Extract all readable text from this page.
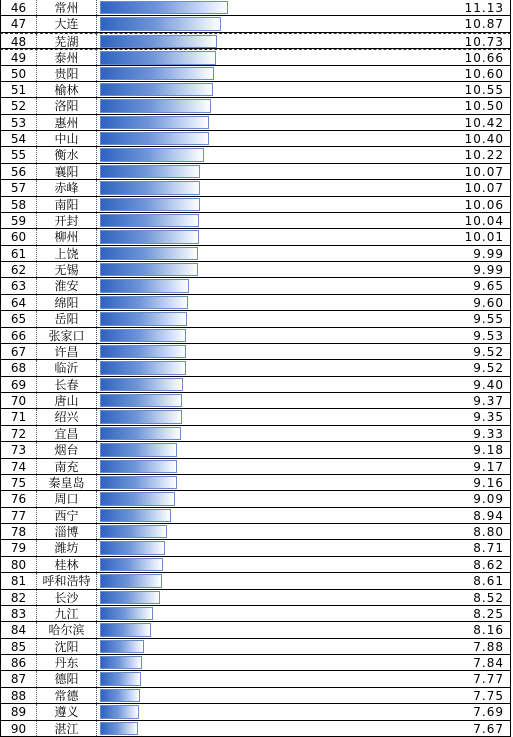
46	常州	11.13
47	大连	10.87
48	芜湖	10.73
49	泰州	10.66
50	贵阳	10.60
51	榆林	10.55
52	洛阳	10.50
53	惠州	10.42
54	中山	10.40
55	衡水	10.22
56	襄阳	10.07
57	赤峰	10.07
58	南阳	10.06
59	开封	10.04
60	柳州	10.01
61	上饶	9.99
62	无锡	9.99
63	淮安	9.65
64	绵阳	9.60
65	岳阳	9.55
66	张家口	9.53
67	许昌	9.52
68	临沂	9.52
69	长春	9.40
70	唐山	9.37
71	绍兴	9.35
72	宜昌	9.33
73	烟台	9.18
74	南充	9.17
75	秦皇岛	9.16
76	周口	9.09
77	西宁	8.94
78	淄博	8.80
79	潍坊	8.71
80	桂林	8.62
81	呼和浩特	8.61
82	长沙	8.52
83	九江	8.25
84	哈尔滨	8.16
85	沈阳	7.88
86	丹东	7.84
87	德阳	7.77
88	常德	7.75
89	遵义	7.69
90	湛江	7.67
